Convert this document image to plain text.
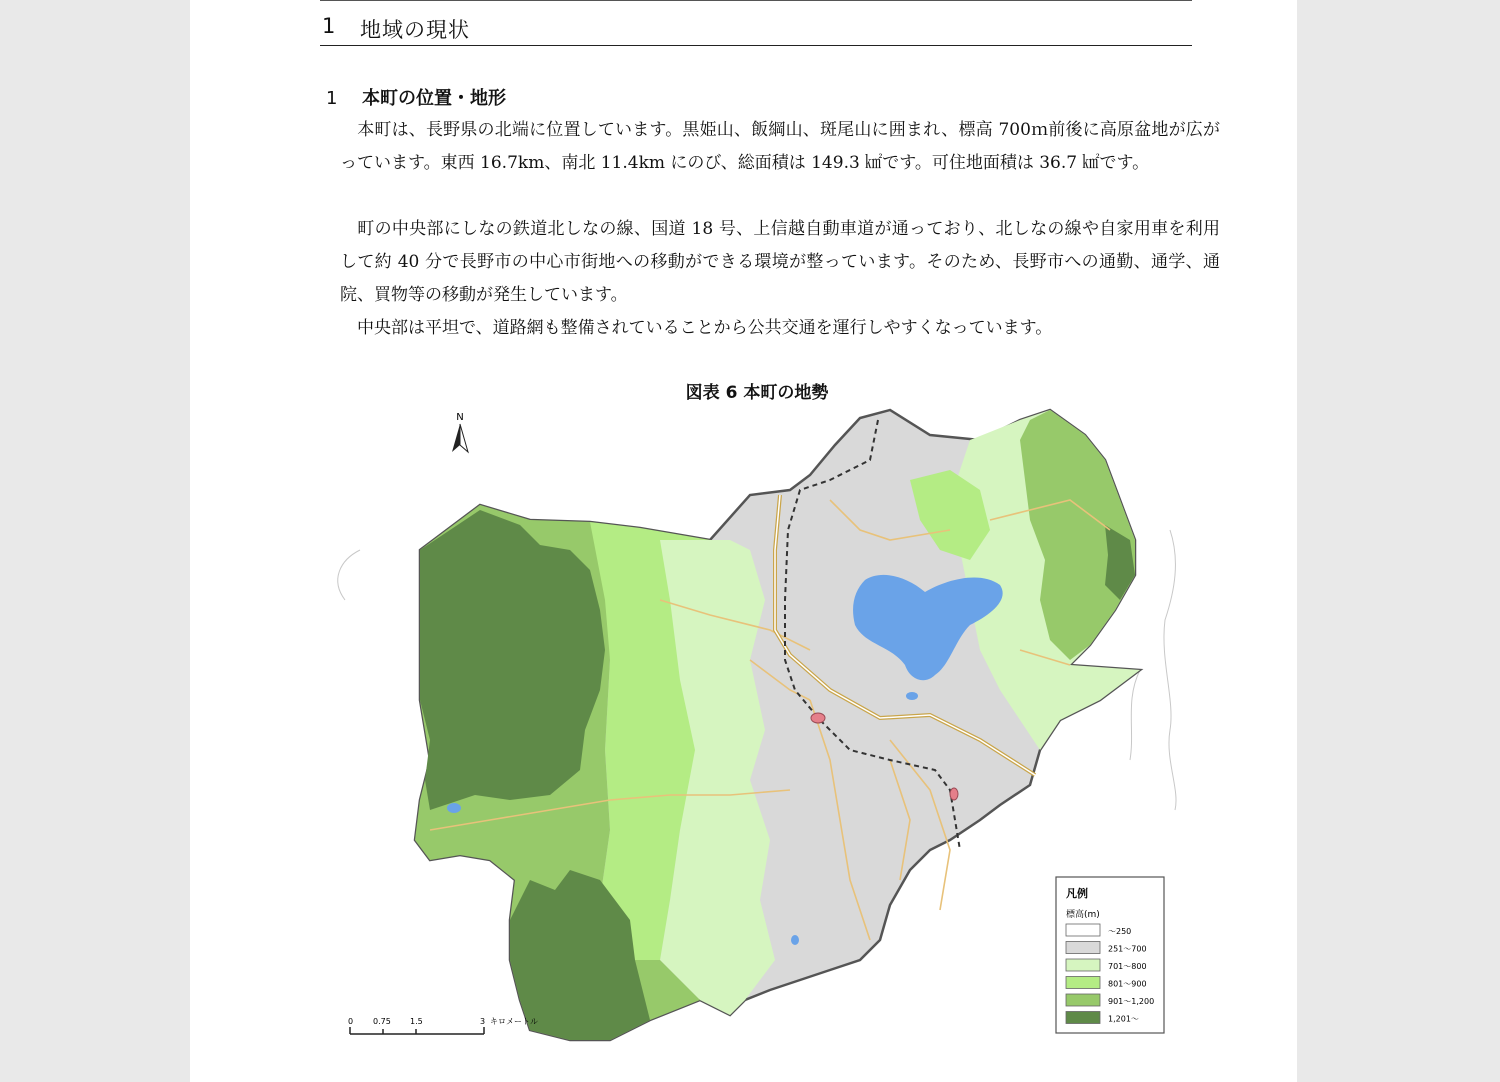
1 地域の現状
1 本町の位置・地形
　本町は、長野県の北端に位置しています。黒姫山、飯綱山、斑尾山に囲まれ、標高 700ｍ前後に高原盆地が広がっています。東西 16.7km、南北 11.4km にのび、総面積は 149.3 ㎢です。可住地面積は 36.7 ㎢です。
　町の中央部にしなの鉄道北しなの線、国道 18 号、上信越自動車道が通っており、北しなの線や自家用車を利用して約 40 分で長野市の中心市街地への移動ができる環境が整っています。そのため、長野市への通勤、通学、通院、買物等の移動が発生しています。
　中央部は平坦で、道路網も整備されていることから公共交通を運行しやすくなっています。
図表 6 本町の地勢
N
0 0.75 1.5	3 キロメートル
凡例
標高(m)
～250
251～700
701～800
801～900
901～1,200
1,201～
